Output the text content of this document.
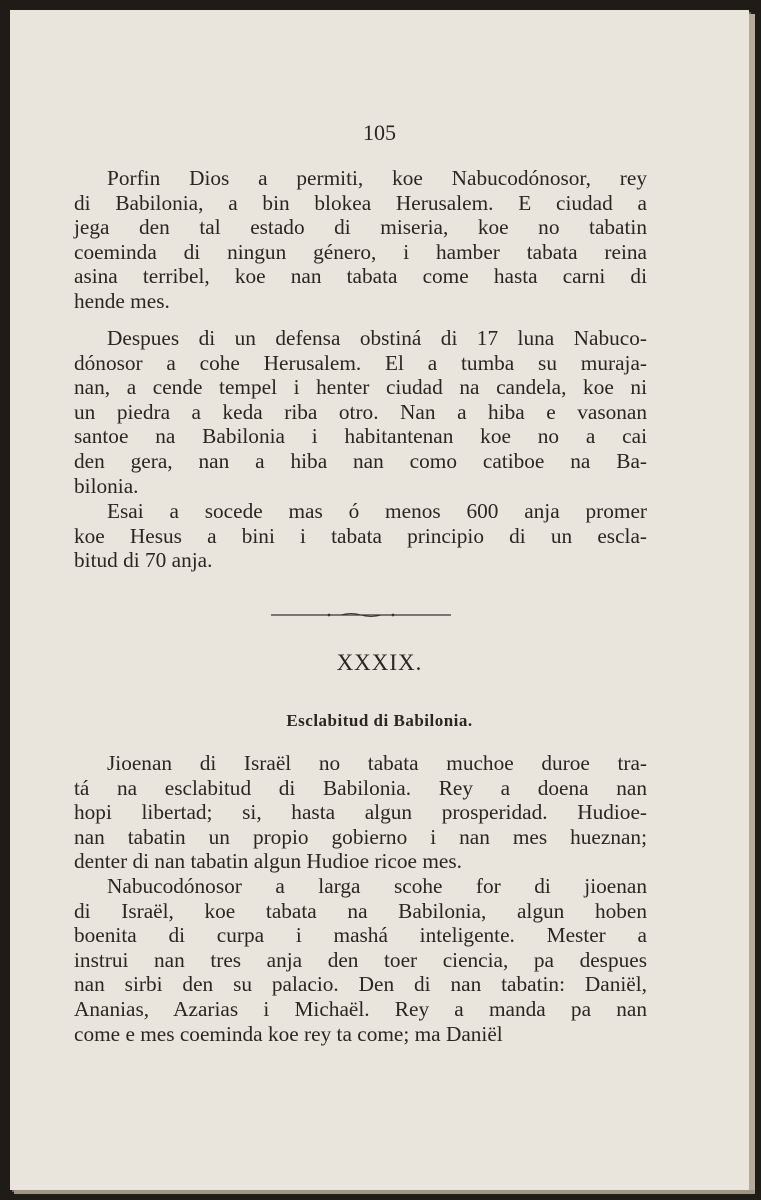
105
Porfin Dios a permiti, koe Nabucodónosor, rey
di Babilonia, a bin blokea Herusalem. E ciudad a
jega den tal estado di miseria, koe no tabatin
coeminda di ningun género, i hamber tabata reina
asina terribel, koe nan tabata come hasta carni di
hende mes.
Despues di un defensa obstiná di 17 luna Nabuco-
dónosor a cohe Herusalem. El a tumba su muraja-
nan, a cende tempel i henter ciudad na candela, koe ni
un piedra a keda riba otro. Nan a hiba e vasonan
santoe na Babilonia i habitantenan koe no a cai
den gera, nan a hiba nan como catiboe na Ba-
bilonia.
Esai a socede mas ó menos 600 anja promer
koe Hesus a bini i tabata principio di un escla-
bitud di 70 anja.
XXXIX.
Esclabitud di Babilonia.
Jioenan di Israël no tabata muchoe duroe tra-
tá na esclabitud di Babilonia. Rey a doena nan
hopi libertad; si, hasta algun prosperidad. Hudioe-
nan tabatin un propio gobierno i nan mes hueznan;
denter di nan tabatin algun Hudioe ricoe mes.
Nabucodónosor a larga scohe for di jioenan
di Israël, koe tabata na Babilonia, algun hoben
boenita di curpa i mashá inteligente. Mester a
instrui nan tres anja den toer ciencia, pa despues
nan sirbi den su palacio. Den di nan tabatin: Daniël,
Ananias, Azarias i Michaël. Rey a manda pa nan
come e mes coeminda koe rey ta come; ma Daniël
